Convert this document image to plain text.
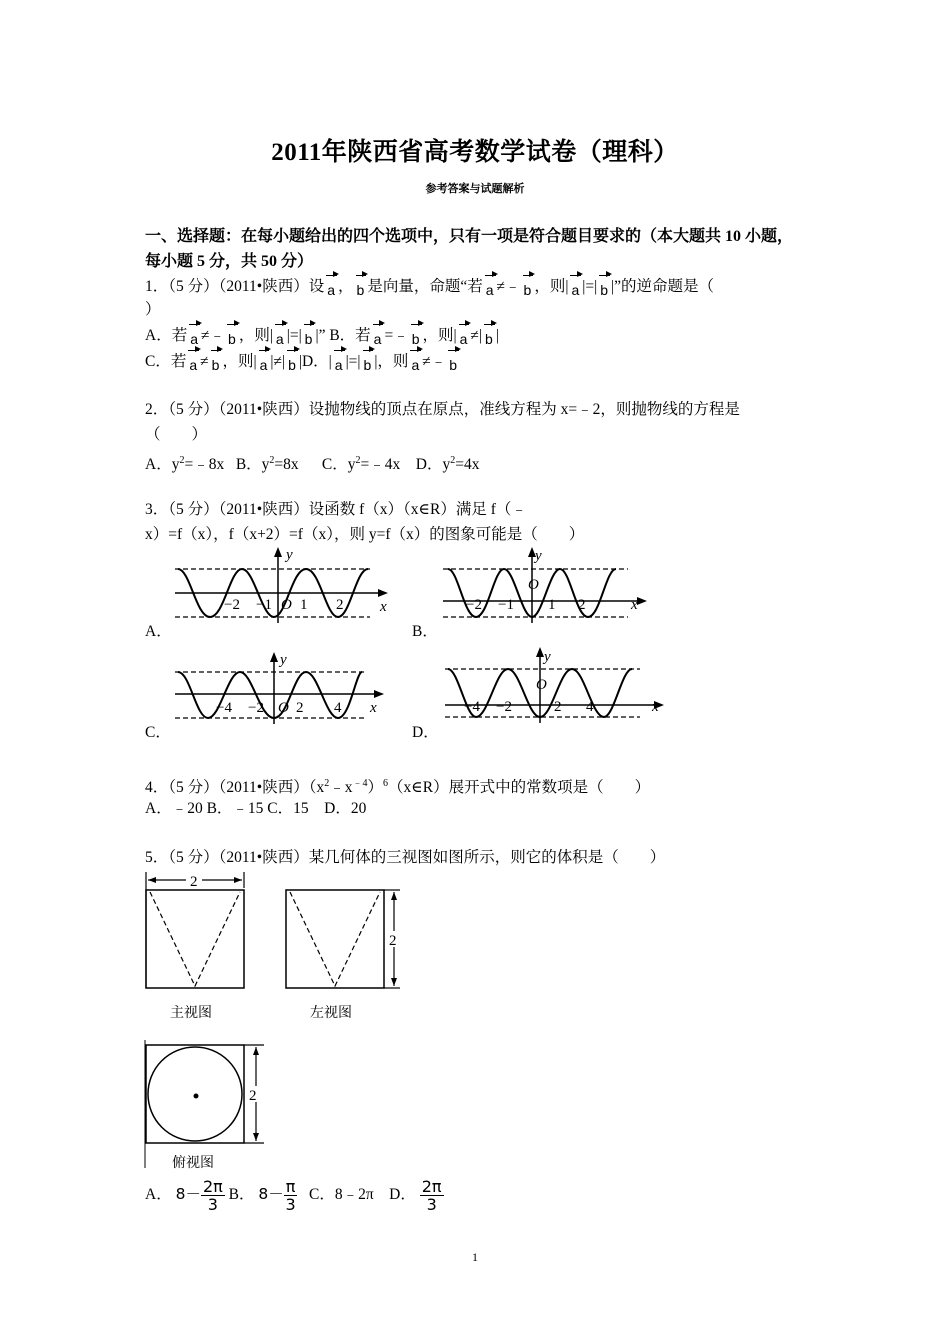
2011年陕西省高考数学试卷（理科）
参考答案与试题解析
一、选择题：在每小题给出的四个选项中，只有一项是符合题目要求的（本大题共 10 小题，
每小题 5 分，共 50 分）
1．（5 分）（2011•陕西）设 a ， b 是向量，命题“若 a ≠﹣ b ，则| a |=| b |”的逆命题是（
）
A．若 a ≠﹣ b ，则| a |=| b |” B．若 a =﹣ b ，则| a ≠| b |
C．若 a ≠ b ，则| a |≠| b |D．| a |=| b |，则 a ≠﹣ b
2．（5 分）（2011•陕西）设抛物线的顶点在原点，准线方程为 x=﹣2，则抛物线的方程是
（　　）
A．$y^2=﹣8x$ B．$y^2=8x$ C．$y^2=﹣4x$ D．$y^2=4x$
3．（5 分）（2011•陕西）设函数 f（x）（x∈R）满足 f（﹣
x）=f（x），f（x+2）=f（x），则 y=f（x）的图象可能是（　　）
A．	B．
C．	D．
x
y
O
−2 −1 1 2	x
y
O
−2 −1 1 2
x
y
O
−4 −2 2 4	x
y
O
−4 −2	2 4
4．（5 分）（2011•陕西）$(x^2﹣x^{﹣4})^6(x\in R)$展开式中的常数项是（　　）
A．﹣20 B．﹣15 C．15　D．20
5．（5 分）（2011•陕西）某几何体的三视图如图所示，则它的体积是（　　）
2
主视图
2
左视图
2
俯视图
A． $8- \frac{2\pi}{3}$ B． $8- \frac{\pi}{3}$ C．8﹣2π D． $\frac{2\pi}{3}$
1
